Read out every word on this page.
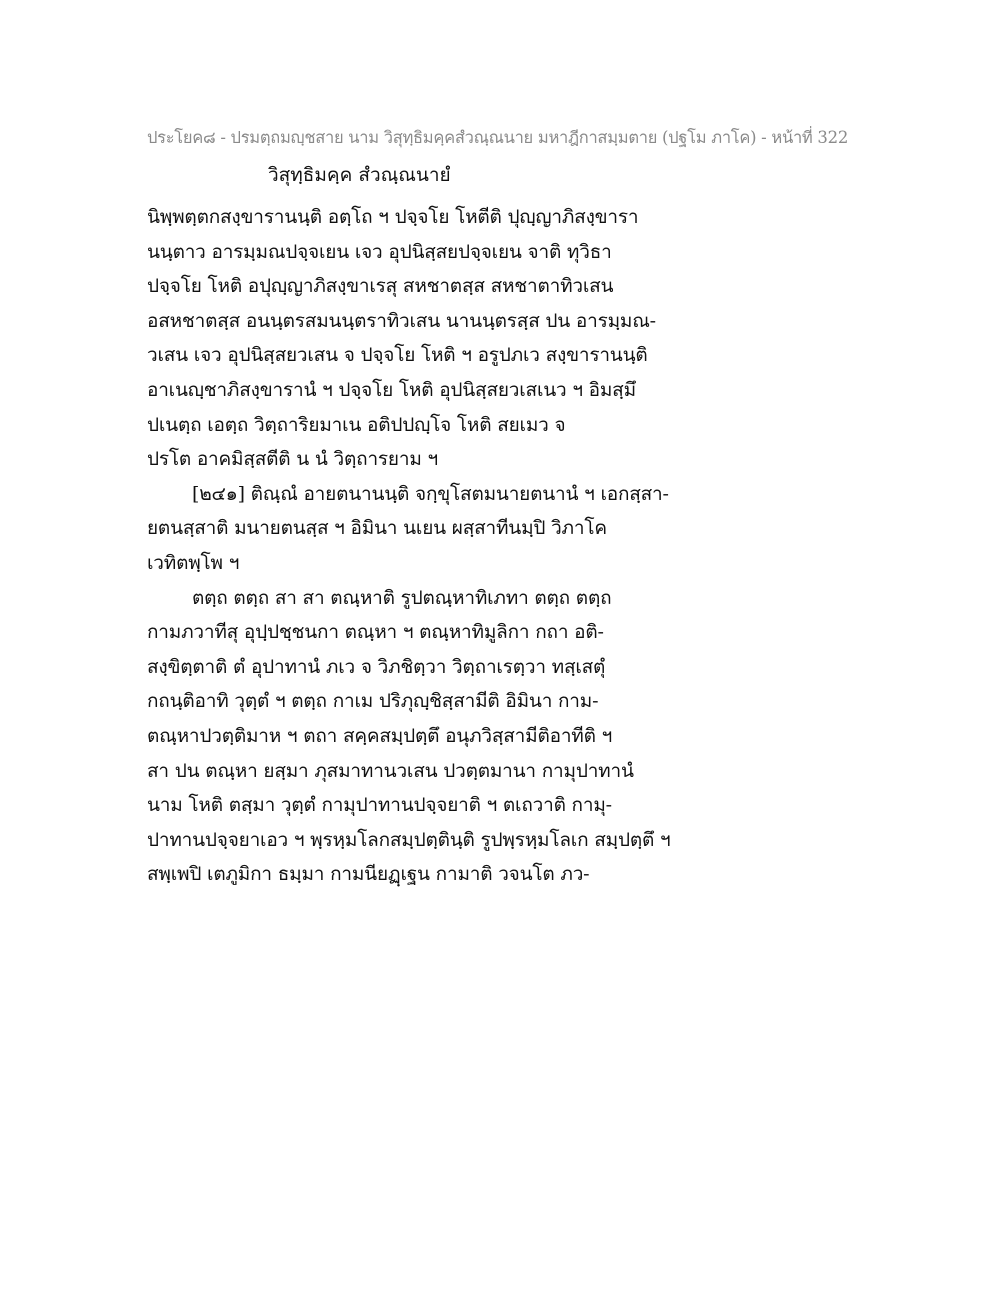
ประโยค๘ - ปรมตฺถมญฺชสาย นาม วิสุทฺธิมคฺคสํวณฺณนาย มหาฎีกาสมฺมตาย (ปฐโม ภาโค) - หน้าที่ 322
วิสุทฺธิมคฺค สํวณฺณนายํ
นิพฺพตฺตกสงฺขารานนฺติ อตฺโถ ฯ ปจฺจโย โหตีติ ปุญฺญาภิสงฺขารา
นนฺตาว อารมฺมณปจฺจเยน เจว อุปนิสฺสยปจฺจเยน จาติ ทุวิธา
ปจฺจโย โหติ อปุญฺญาภิสงฺขาเรสุ สหชาตสฺส สหชาตาทิวเสน
อสหชาตสฺส อนนฺตรสมนนฺตราทิวเสน นานนฺตรสฺส ปน อารมฺมณ-
วเสน เจว อุปนิสฺสยวเสน จ ปจฺจโย โหติ ฯ อรูปภเว สงฺขารานนฺติ
อาเนญฺชาภิสงฺขารานํ ฯ ปจฺจโย โหติ อุปนิสฺสยวเสเนว ฯ อิมสฺมึ
ปเนตฺถ เอตฺถ วิตฺถาริยมาเน อติปปญฺโจ โหติ สยเมว จ
ปรโต อาคมิสฺสตีติ น นํ วิตฺถารยาม ฯ
[๒๔๑] ติณฺณํ อายตนานนฺติ จกฺขุโสตมนายตนานํ ฯ เอกสฺสา-
ยตนสฺสาติ มนายตนสฺส ฯ อิมินา นเยน ผสฺสาทีนมฺปิ วิภาโค
เวทิตพฺโพ ฯ
ตตฺถ ตตฺถ สา สา ตณฺหาติ รูปตณฺหาทิเภทา ตตฺถ ตตฺถ
กามภวาทีสุ อุปฺปชฺชนกา ตณฺหา ฯ ตณฺหาทิมูลิกา กถา อติ-
สงฺขิตฺตาติ ตํ อุปาทานํ ภเว จ วิภชิตฺวา วิตฺถาเรตฺวา ทสฺเสตุํ
กถนฺติอาทิ วุตฺตํ ฯ ตตฺถ กาเม ปริภุญฺชิสฺสามีติ อิมินา กาม-
ตณฺหาปวตฺติมาห ฯ ตถา สคฺคสมฺปตฺตึ อนุภวิสฺสามีติอาทีติ ฯ
สา ปน ตณฺหา ยสฺมา ภุสมาทานวเสน ปวตฺตมานา กามุปาทานํ
นาม โหติ ตสฺมา วุตฺตํ กามุปาทานปจฺจยาติ ฯ ตเถวาติ กามุ-
ปาทานปจฺจยาเอว ฯ พฺรหฺมโลกสมฺปตฺตินฺติ รูปพฺรหฺมโลเก สมฺปตฺตึ ฯ
สพฺเพปิ เตภูมิกา ธมฺมา กามนียฏฺเฐน กามาติ วจนโต ภว-
